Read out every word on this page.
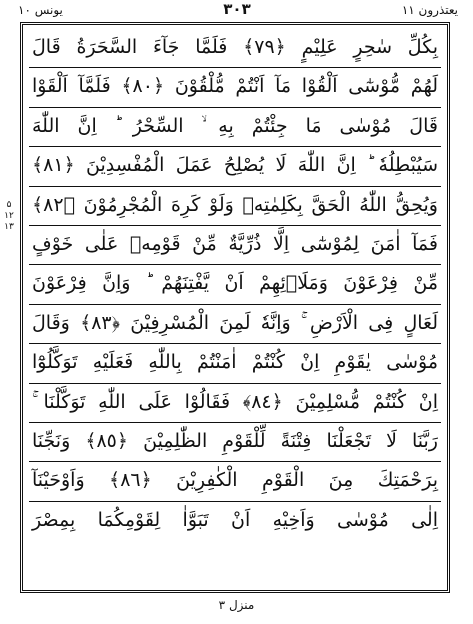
یونس ۱۰	۳۰۳	یعتذرون ۱۱
۵
۱۲
۱۳
بِكُلِّ سٰحِرٍ عَلِيْمٍ ﴿٧٩﴾ فَلَمَّا جَآءَ السَّحَرَةُ قَالَ
لَهُمْ مُّوْسٰٓى اَلْقُوْا مَآ اَنْتُمْ مُّلْقُوْنَ ﴿٨٠﴾ فَلَمَّآ اَلْقَوْا
قَالَ مُوْسٰى مَا جِئْتُمْ بِهِ ۙ السِّحْرُ ؕ اِنَّ اللّٰهَ
سَيُبْطِلُهٗ ؕ اِنَّ اللّٰهَ لَا يُصْلِحُ عَمَلَ الْمُفْسِدِيْنَ ﴿٨١﴾
وَيُحِقُّ اللّٰهُ الْحَقَّ بِكَلِمٰتِهٖ وَلَوْ كَرِهَ الْمُجْرِمُوْنَ ﴿٨٢﴾
فَمَآ اٰمَنَ لِمُوْسٰٓى اِلَّا ذُرِّيَّةٌ مِّنْ قَوْمِهٖ عَلٰى خَوْفٍ
مِّنْ فِرْعَوْنَ وَمَلَا۠ئِهِمْ اَنْ يَّفْتِنَهُمْ ؕ وَاِنَّ فِرْعَوْنَ
لَعَالٍ فِى الْاَرْضِ ۚ وَاِنَّهٗ لَمِنَ الْمُسْرِفِيْنَ ﴿٨٣﴾ وَقَالَ
مُوْسٰى يٰقَوْمِ اِنْ كُنْتُمْ اٰمَنْتُمْ بِاللّٰهِ فَعَلَيْهِ تَوَكَّلُوْٓا
اِنْ كُنْتُمْ مُّسْلِمِيْنَ ﴿٨٤﴾ فَقَالُوْا عَلَى اللّٰهِ تَوَكَّلْنَا ۚ
رَبَّنَا لَا تَجْعَلْنَا فِتْنَةً لِّلْقَوْمِ الظّٰلِمِيْنَ ﴿٨٥﴾ وَنَجِّنَا
بِرَحْمَتِكَ مِنَ الْقَوْمِ الْكٰفِرِيْنَ ﴿٨٦﴾ وَاَوْحَيْنَآ
اِلٰى مُوْسٰى وَاَخِيْهِ اَنْ تَبَوَّاٰ لِقَوْمِكُمَا بِمِصْرَ
منزل ۳
